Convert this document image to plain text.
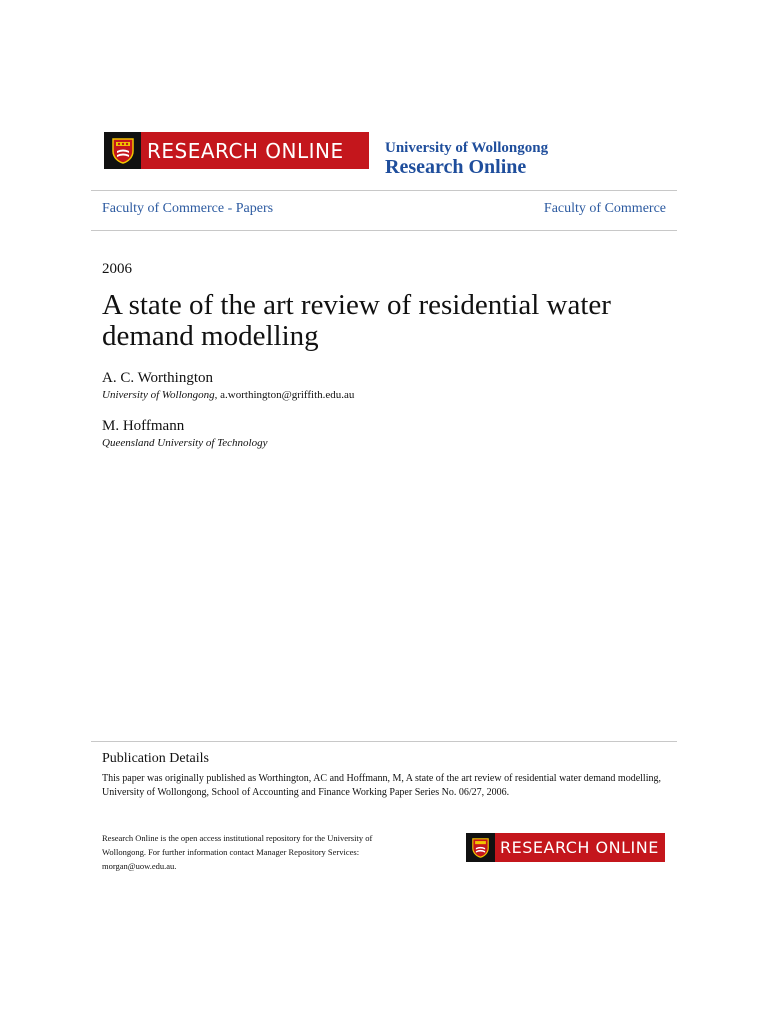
RESEARCH ONLINE	University of Wollongong
Research Online
Faculty of Commerce - Papers	Faculty of Commerce
2006
A state of the art review of residential water demand modelling
A. C. Worthington
University of Wollongong, a.worthington@griffith.edu.au
M. Hoffmann
Queensland University of Technology
Publication Details
This paper was originally published as Worthington, AC and Hoffmann, M, A state of the art review of residential water demand modelling, University of Wollongong, School of Accounting and Finance Working Paper Series No. 06/27, 2006.
Research Online is the open access institutional repository for the University of Wollongong. For further information contact Manager Repository Services: morgan@uow.edu.au.
RESEARCH ONLINE
